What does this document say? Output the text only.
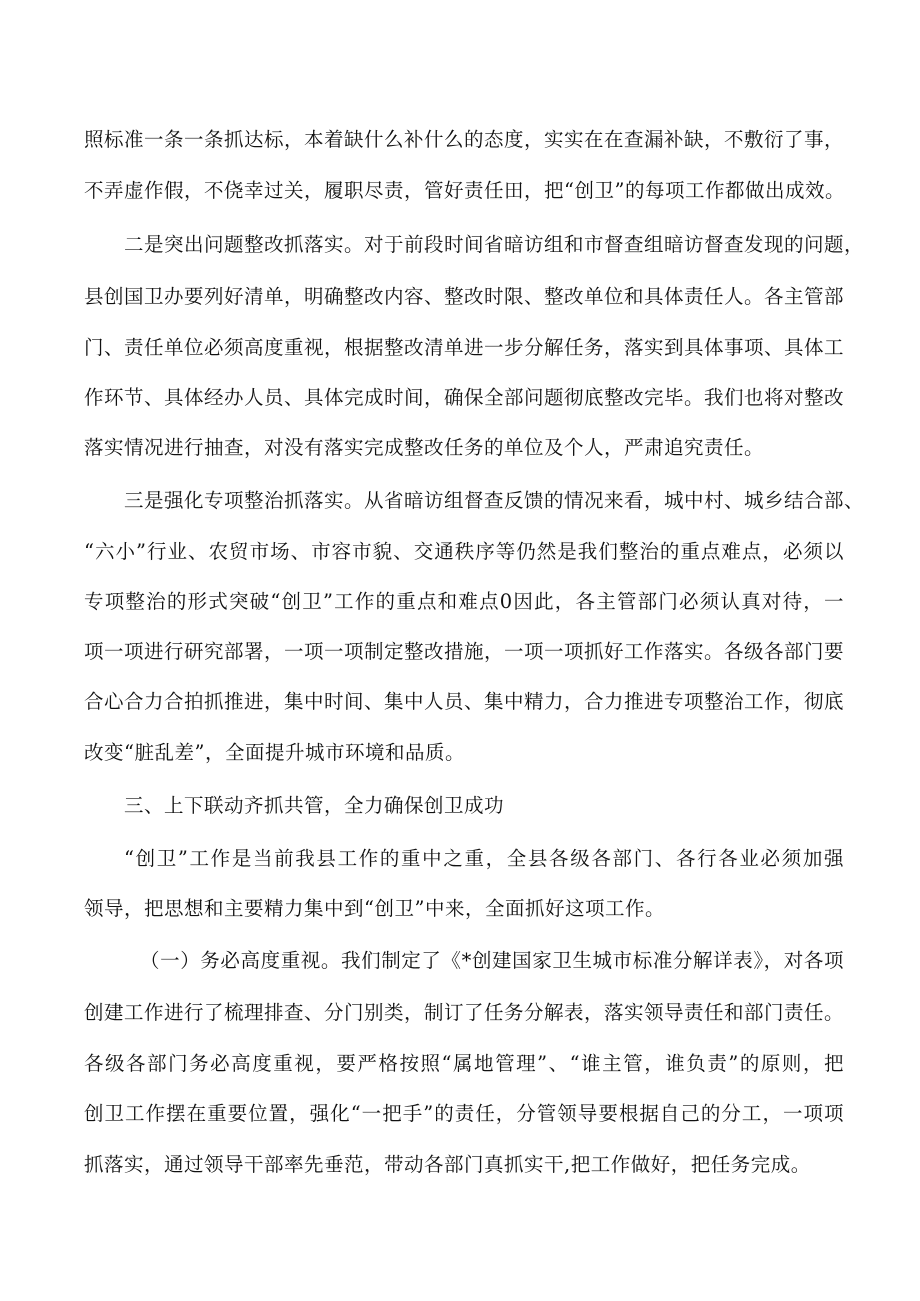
照标准一条一条抓达标，本着缺什么补什么的态度，实实在在查漏补缺，不敷衍了事，
不弄虚作假，不侥幸过关，履职尽责，管好责任田，把“创卫”的每项工作都做出成效。
二是突出问题整改抓落实。对于前段时间省暗访组和市督查组暗访督查发现的问题，
县创国卫办要列好清单，明确整改内容、整改时限、整改单位和具体责任人。各主管部
门、责任单位必须高度重视，根据整改清单进一步分解任务，落实到具体事项、具体工
作环节、具体经办人员、具体完成时间，确保全部问题彻底整改完毕。我们也将对整改
落实情况进行抽查，对没有落实完成整改任务的单位及个人，严肃追究责任。
三是强化专项整治抓落实。从省暗访组督查反馈的情况来看，城中村、城乡结合部、
“六小”行业、农贸市场、市容市貌、交通秩序等仍然是我们整治的重点难点，必须以
专项整治的形式突破“创卫”工作的重点和难点0因此，各主管部门必须认真对待，一
项一项进行研究部署，一项一项制定整改措施，一项一项抓好工作落实。各级各部门要
合心合力合拍抓推进，集中时间、集中人员、集中精力，合力推进专项整治工作，彻底
改变“脏乱差”，全面提升城市环境和品质。
三、上下联动齐抓共管，全力确保创卫成功
“创卫”工作是当前我县工作的重中之重，全县各级各部门、各行各业必须加强
领导，把思想和主要精力集中到“创卫”中来，全面抓好这项工作。
（一）务必高度重视。我们制定了《*创建国家卫生城市标准分解详表》，对各项
创建工作进行了梳理排查、分门别类，制订了任务分解表，落实领导责任和部门责任。
各级各部门务必高度重视，要严格按照“属地管理”、“谁主管，谁负责”的原则，把
创卫工作摆在重要位置，强化“一把手”的责任，分管领导要根据自己的分工，一项项
抓落实，通过领导干部率先垂范，带动各部门真抓实干,把工作做好，把任务完成。
